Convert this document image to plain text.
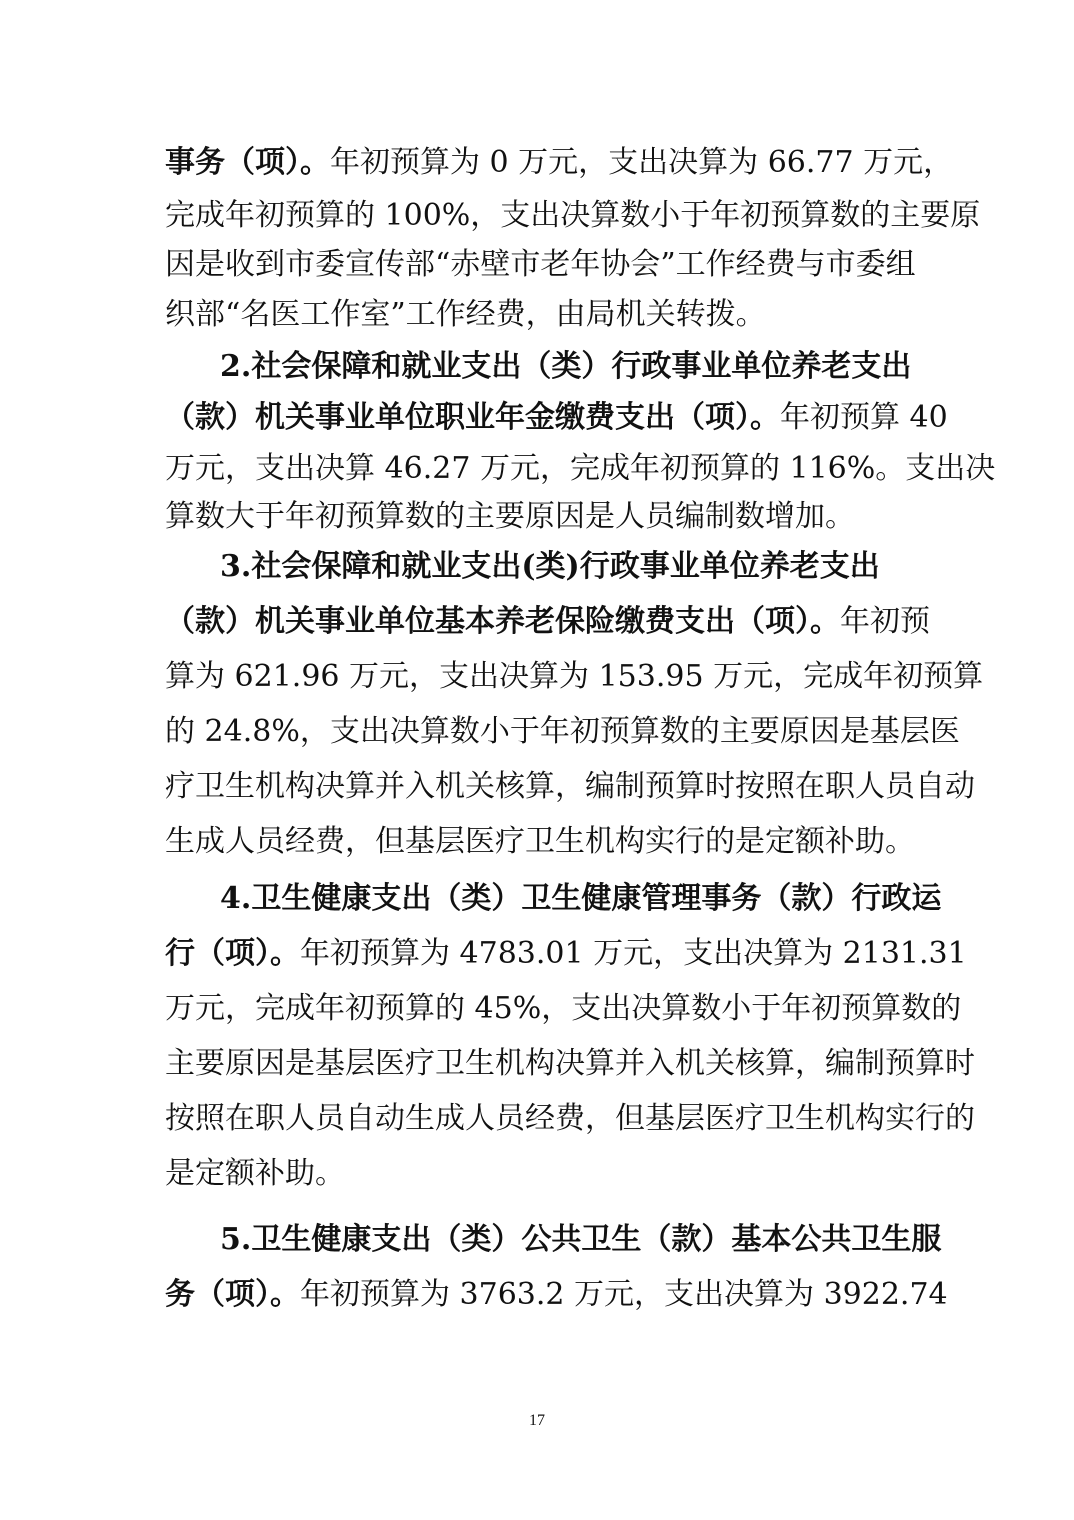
事务（项）。年初预算为 0 万元，支出决算为 66.77 万元，
完成年初预算的 100%，支出决算数小于年初预算数的主要原
因是收到市委宣传部“赤壁市老年协会”工作经费与市委组
织部“名医工作室”工作经费，由局机关转拨。
2.社会保障和就业支出（类）行政事业单位养老支出
（款）机关事业单位职业年金缴费支出（项）。年初预算 40
万元，支出决算 46.27 万元，完成年初预算的 116%。支出决
算数大于年初预算数的主要原因是人员编制数增加。
3.社会保障和就业支出(类)行政事业单位养老支出
（款）机关事业单位基本养老保险缴费支出（项）。年初预
算为 621.96 万元，支出决算为 153.95 万元，完成年初预算
的 24.8%，支出决算数小于年初预算数的主要原因是基层医
疗卫生机构决算并入机关核算，编制预算时按照在职人员自动
生成人员经费，但基层医疗卫生机构实行的是定额补助。
4.卫生健康支出（类）卫生健康管理事务（款）行政运
行（项）。年初预算为 4783.01 万元，支出决算为 2131.31
万元，完成年初预算的 45%，支出决算数小于年初预算数的
主要原因是基层医疗卫生机构决算并入机关核算，编制预算时
按照在职人员自动生成人员经费，但基层医疗卫生机构实行的
是定额补助。
5.卫生健康支出（类）公共卫生（款）基本公共卫生服
务（项）。年初预算为 3763.2 万元，支出决算为 3922.74
17
